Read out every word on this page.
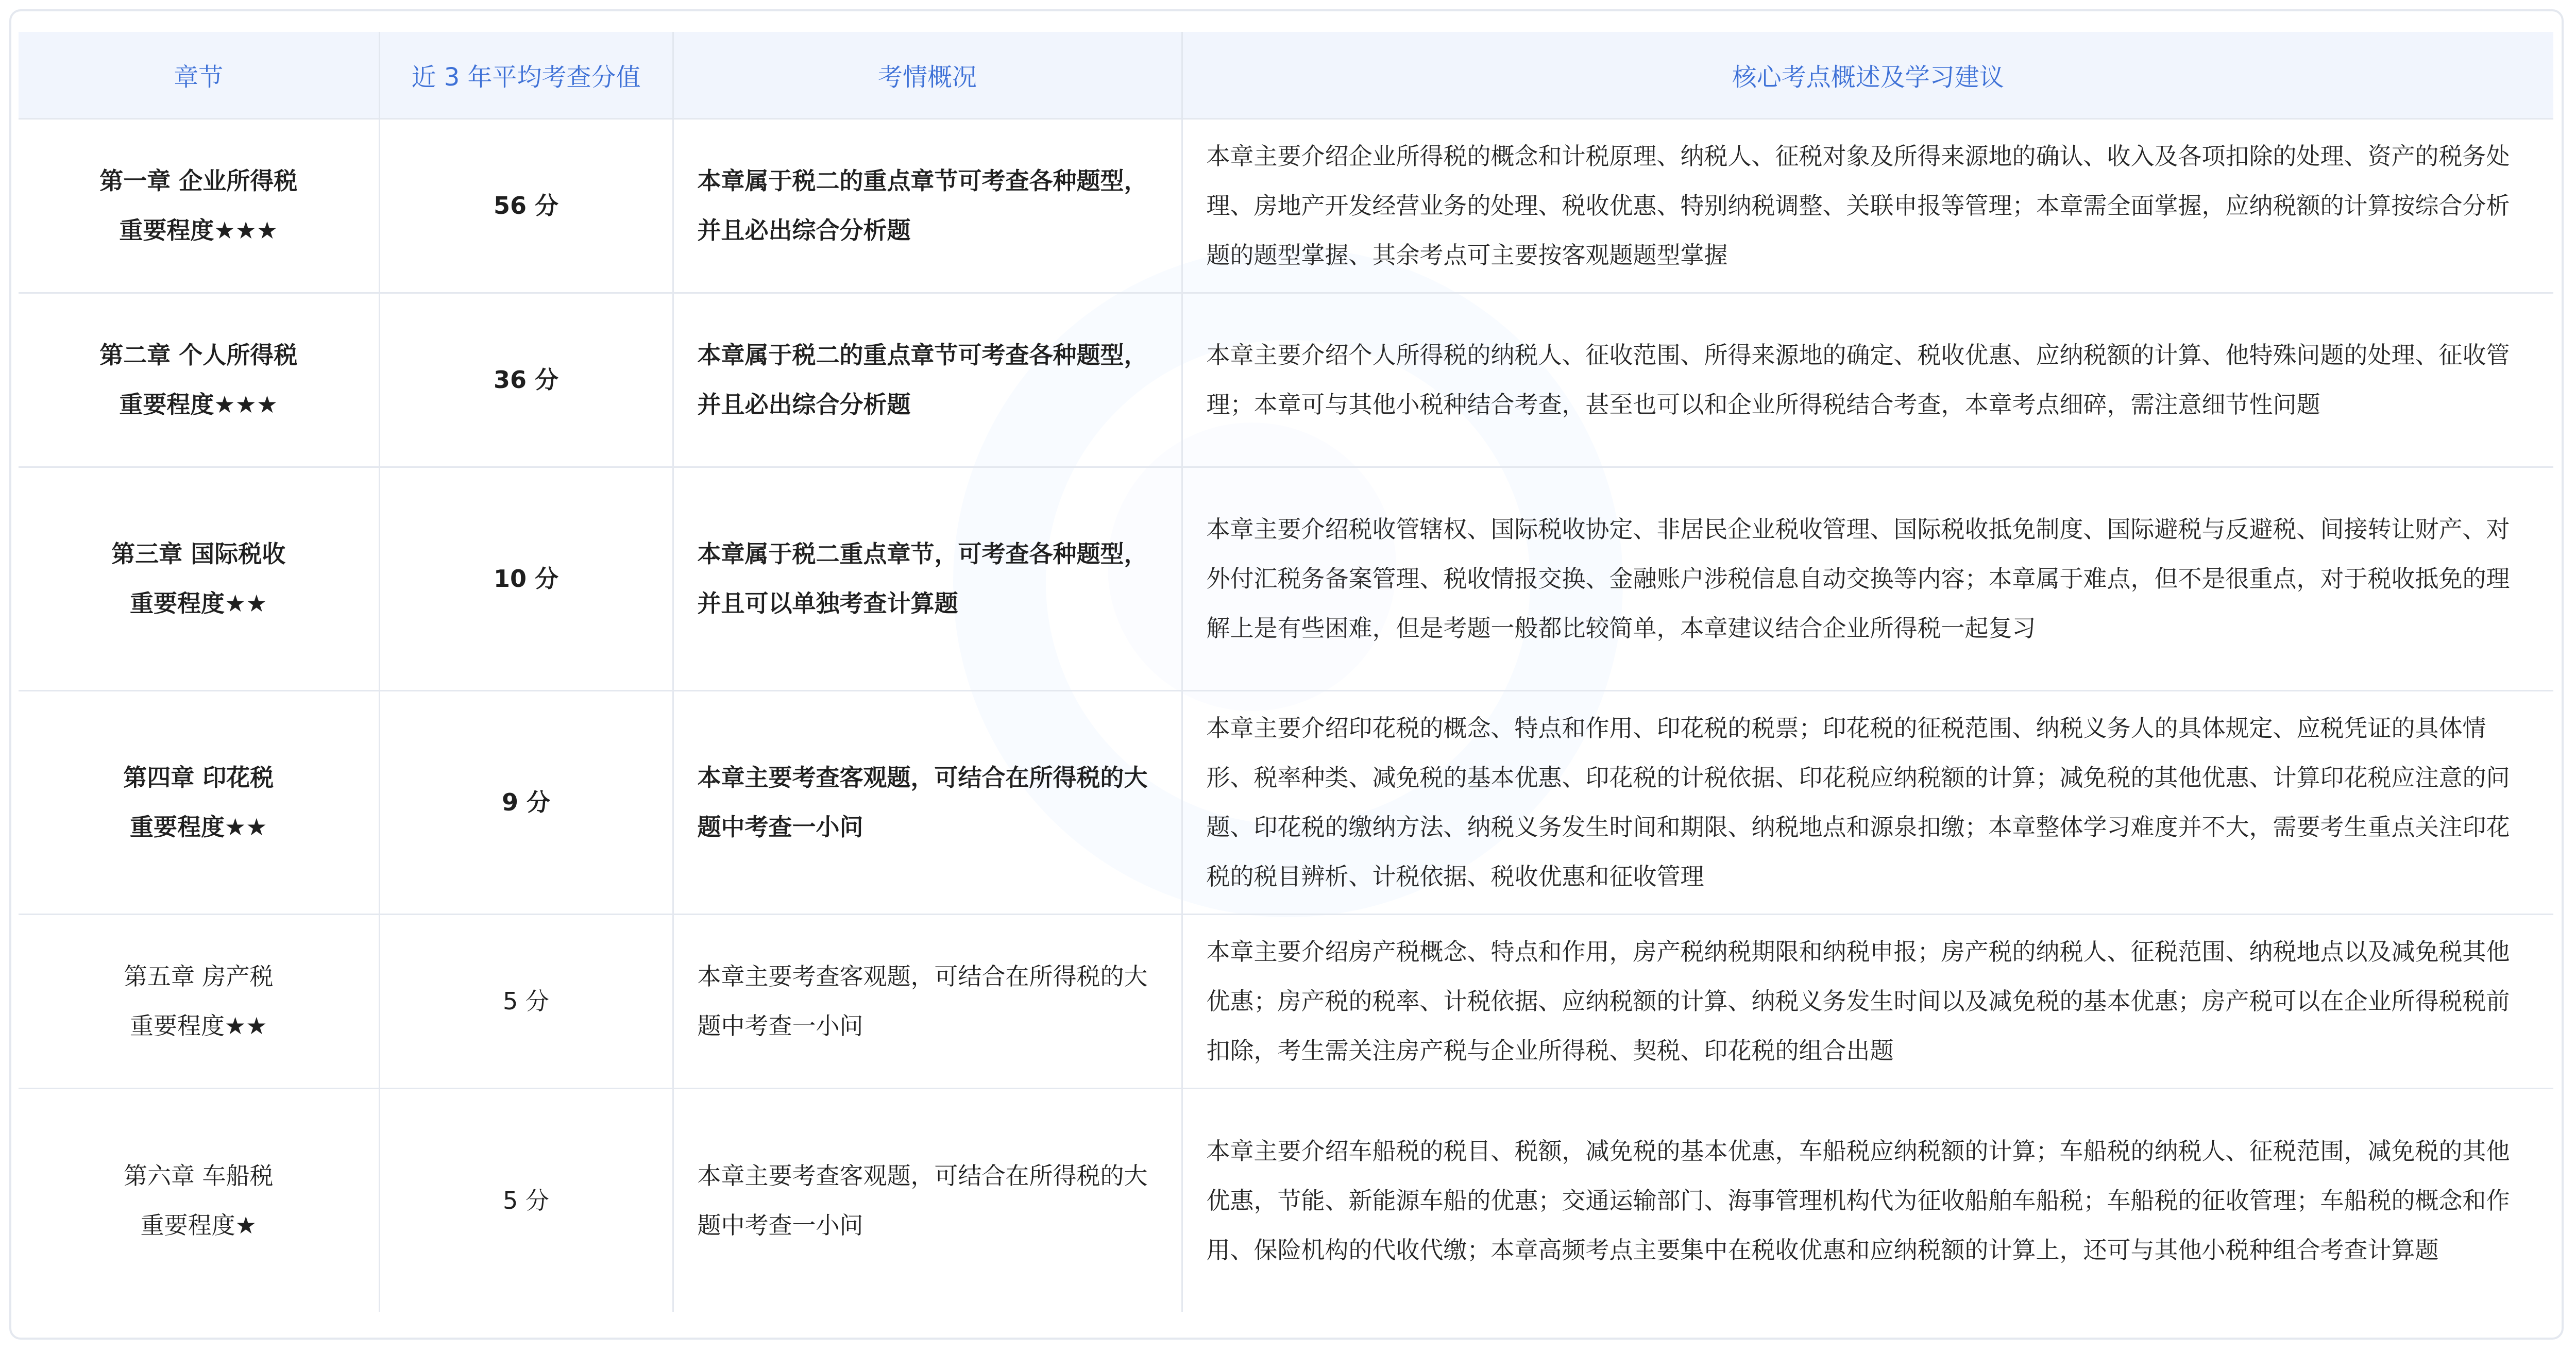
章节	近 3 年平均考查分值	考情概况	核心考点概述及学习建议

第一章 企业所得税
重要程度★★★	56 分	本章属于税二的重点章节可考查各种题型，并且必出综合分析题	本章主要介绍企业所得税的概念和计税原理、纳税人、征税对象及所得来源地的确认、收入及各项扣除的处理、资产的税务处理、房地产开发经营业务的处理、税收优惠、特别纳税调整、关联申报等管理；本章需全面掌握，应纳税额的计算按综合分析题的题型掌握、其余考点可主要按客观题题型掌握

第二章 个人所得税
重要程度★★★	36 分	本章属于税二的重点章节可考查各种题型，并且必出综合分析题	本章主要介绍个人所得税的纳税人、征收范围、所得来源地的确定、税收优惠、应纳税额的计算、他特殊问题的处理、征收管理；本章可与其他小税种结合考查，甚至也可以和企业所得税结合考查，本章考点细碎，需注意细节性问题

第三章 国际税收
重要程度★★	10 分	本章属于税二重点章节，可考查各种题型，并且可以单独考查计算题	本章主要介绍税收管辖权、国际税收协定、非居民企业税收管理、国际税收抵免制度、国际避税与反避税、间接转让财产、对外付汇税务备案管理、税收情报交换、金融账户涉税信息自动交换等内容；本章属于难点，但不是很重点，对于税收抵免的理解上是有些困难，但是考题一般都比较简单，本章建议结合企业所得税一起复习

第四章 印花税
重要程度★★	9 分	本章主要考查客观题，可结合在所得税的大题中考查一小问	本章主要介绍印花税的概念、特点和作用、印花税的税票；印花税的征税范围、纳税义务人的具体规定、应税凭证的具体情形、税率种类、减免税的基本优惠、印花税的计税依据、印花税应纳税额的计算；减免税的其他优惠、计算印花税应注意的问题、印花税的缴纳方法、纳税义务发生时间和期限、纳税地点和源泉扣缴；本章整体学习难度并不大，需要考生重点关注印花税的税目辨析、计税依据、税收优惠和征收管理

第五章 房产税
重要程度★★	5 分	本章主要考查客观题，可结合在所得税的大题中考查一小问	本章主要介绍房产税概念、特点和作用，房产税纳税期限和纳税申报；房产税的纳税人、征税范围、纳税地点以及减免税其他优惠；房产税的税率、计税依据、应纳税额的计算、纳税义务发生时间以及减免税的基本优惠；房产税可以在企业所得税税前扣除，考生需关注房产税与企业所得税、契税、印花税的组合出题

第六章 车船税
重要程度★	5 分	本章主要考查客观题，可结合在所得税的大题中考查一小问	本章主要介绍车船税的税目、税额，减免税的基本优惠，车船税应纳税额的计算；车船税的纳税人、征税范围，减免税的其他优惠，节能、新能源车船的优惠；交通运输部门、海事管理机构代为征收船舶车船税；车船税的征收管理；车船税的概念和作用、保险机构的代收代缴；本章高频考点主要集中在税收优惠和应纳税额的计算上，还可与其他小税种组合考查计算题
